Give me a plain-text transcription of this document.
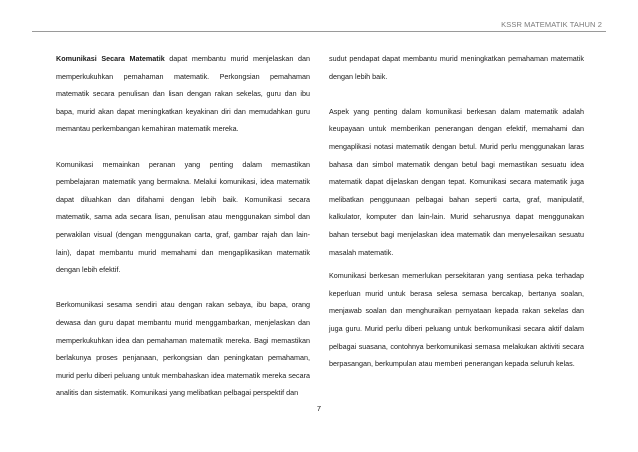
KSSR MATEMATIK TAHUN 2

Komunikasi Secara Matematik dapat membantu murid menjelaskan dan memperkukuhkan pemahaman matematik. Perkongsian pemahaman matematik secara penulisan dan lisan dengan rakan sekelas, guru dan ibu bapa, murid akan dapat meningkatkan keyakinan diri dan memudahkan guru memantau perkembangan kemahiran matematik mereka.

Komunikasi memainkan peranan yang penting dalam memastikan pembelajaran matematik yang bermakna. Melalui komunikasi, idea matematik dapat diluahkan dan difahami dengan lebih baik. Komunikasi secara matematik, sama ada secara lisan, penulisan atau menggunakan simbol dan perwakilan visual (dengan menggunakan carta, graf, gambar rajah dan lain-lain), dapat membantu murid memahami dan mengaplikasikan matematik dengan lebih efektif.

Berkomunikasi sesama sendiri atau dengan rakan sebaya, ibu bapa, orang dewasa dan guru dapat membantu murid menggambarkan, menjelaskan dan memperkukuhkan idea dan pemahaman matematik mereka. Bagi memastikan berlakunya proses penjanaan, perkongsian dan peningkatan pemahaman, murid perlu diberi peluang untuk membahaskan idea matematik mereka secara analitis dan sistematik. Komunikasi yang melibatkan pelbagai perspektif dan

sudut pendapat dapat membantu murid meningkatkan pemahaman matematik dengan lebih baik.

Aspek yang penting dalam komunikasi berkesan dalam matematik adalah keupayaan untuk memberikan penerangan dengan efektif, memahami dan mengaplikasi notasi matematik dengan betul. Murid perlu menggunakan laras bahasa dan simbol matematik dengan betul bagi memastikan sesuatu idea matematik dapat dijelaskan dengan tepat. Komunikasi secara matematik juga melibatkan penggunaan pelbagai bahan seperti carta, graf, manipulatif, kalkulator, komputer dan lain-lain. Murid seharusnya dapat menggunakan bahan tersebut bagi menjelaskan idea matematik dan menyelesaikan sesuatu masalah matematik.

Komunikasi berkesan memerlukan persekitaran yang sentiasa peka terhadap keperluan murid untuk berasa selesa semasa bercakap, bertanya soalan, menjawab soalan dan menghuraikan pernyataan kepada rakan sekelas dan juga guru. Murid perlu diberi peluang untuk berkomunikasi secara aktif dalam pelbagai suasana, contohnya berkomunikasi semasa melakukan aktiviti secara berpasangan, berkumpulan atau memberi penerangan kepada seluruh kelas.

7
